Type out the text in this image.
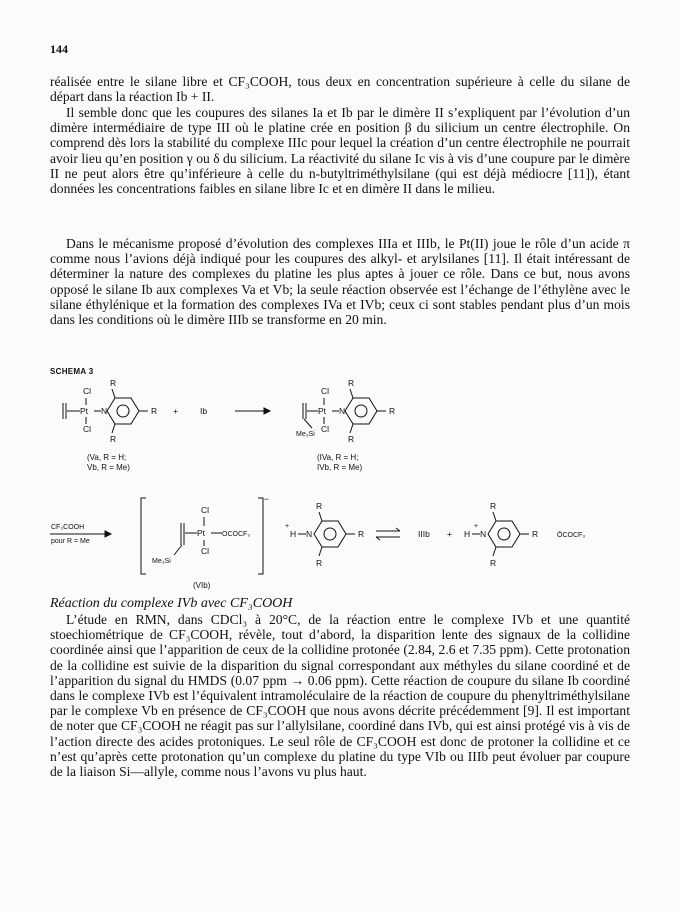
144

réalisée entre le silane libre et CF₃COOH, tous deux en concentration supérieure à celle du silane de départ dans la réaction Ib + II.

Il semble donc que les coupures des silanes Ia et Ib par le dimère II s’expliquent par l’évolution d’un dimère intermédiaire de type III où le platine crée en position β du silicium un centre électrophile. On comprend dès lors la stabilité du complexe IIIc pour lequel la création d’un centre électrophile ne pourrait avoir lieu qu’en position γ ou δ du silicium. La réactivité du silane Ic vis à vis d’une coupure par le dimère II ne peut alors être qu’inférieure à celle du n-butyltriméthylsilane (qui est déjà médiocre [11]), étant données les concentrations faibles en silane libre Ic et en dimère II dans le milieu.

Dans le mécanisme proposé d’évolution des complexes IIIa et IIIb, le Pt(II) joue le rôle d’un acide π comme nous l’avions déjà indiqué pour les coupures des alkyl- et arylsilanes [11]. Il était intéressant de déterminer la nature des complexes du platine les plus aptes à jouer ce rôle. Dans ce but, nous avons opposé le silane Ib aux complexes Va et Vb; la seule réaction observée est l’échange de l’éthylène avec le silane éthylénique et la formation des complexes IVa et IVb; ceux ci sont stables pendant plus d’un mois dans les conditions où le dimère IIIb se transforme en 20 min.

SCHEMA 3
Cl
Pt
Cl
N
R
R
R +	Ib
(Va, R = H;
Vb, R = Me)
Cl
Pt
Cl
N
R
R
R
Me₃Si
(IVa, R = H;
IVb, R = Me)
CF₃COOH
pour R = Me
Cl
Pt
Cl
OCOCF₃
Me₃Si
−
(VIb)
H
+
N
R
R
R	IIIb + H
+
N
R
R
R	ŌCOCF₃
Réaction du complexe IVb avec CF₃COOH

L’étude en RMN, dans CDCl₃ à 20°C, de la réaction entre le complexe IVb et une quantité stoechiométrique de CF₃COOH, révèle, tout d’abord, la disparition lente des signaux de la collidine coordinée ainsi que l’apparition de ceux de la collidine protonée (2.84, 2.6 et 7.35 ppm). Cette protonation de la collidine est suivie de la disparition du signal correspondant aux méthyles du silane coordiné et de l’apparition du signal du HMDS (0.07 ppm → 0.06 ppm). Cette réaction de coupure du silane Ib coordiné dans le complexe IVb est l’équivalent intramoléculaire de la réaction de coupure du phenyltriméthylsilane par le complexe Vb en présence de CF₃COOH que nous avons décrite précédemment [9]. Il est important de noter que CF₃COOH ne réagit pas sur l’allylsilane, coordiné dans IVb, qui est ainsi protégé vis à vis de l’action directe des acides protoniques. Le seul rôle de CF₃COOH est donc de protoner la collidine et ce n’est qu’après cette protonation qu’un complexe du platine du type VIb ou IIIb peut évoluer par coupure de la liaison Si—allyle, comme nous l’avons vu plus haut.
